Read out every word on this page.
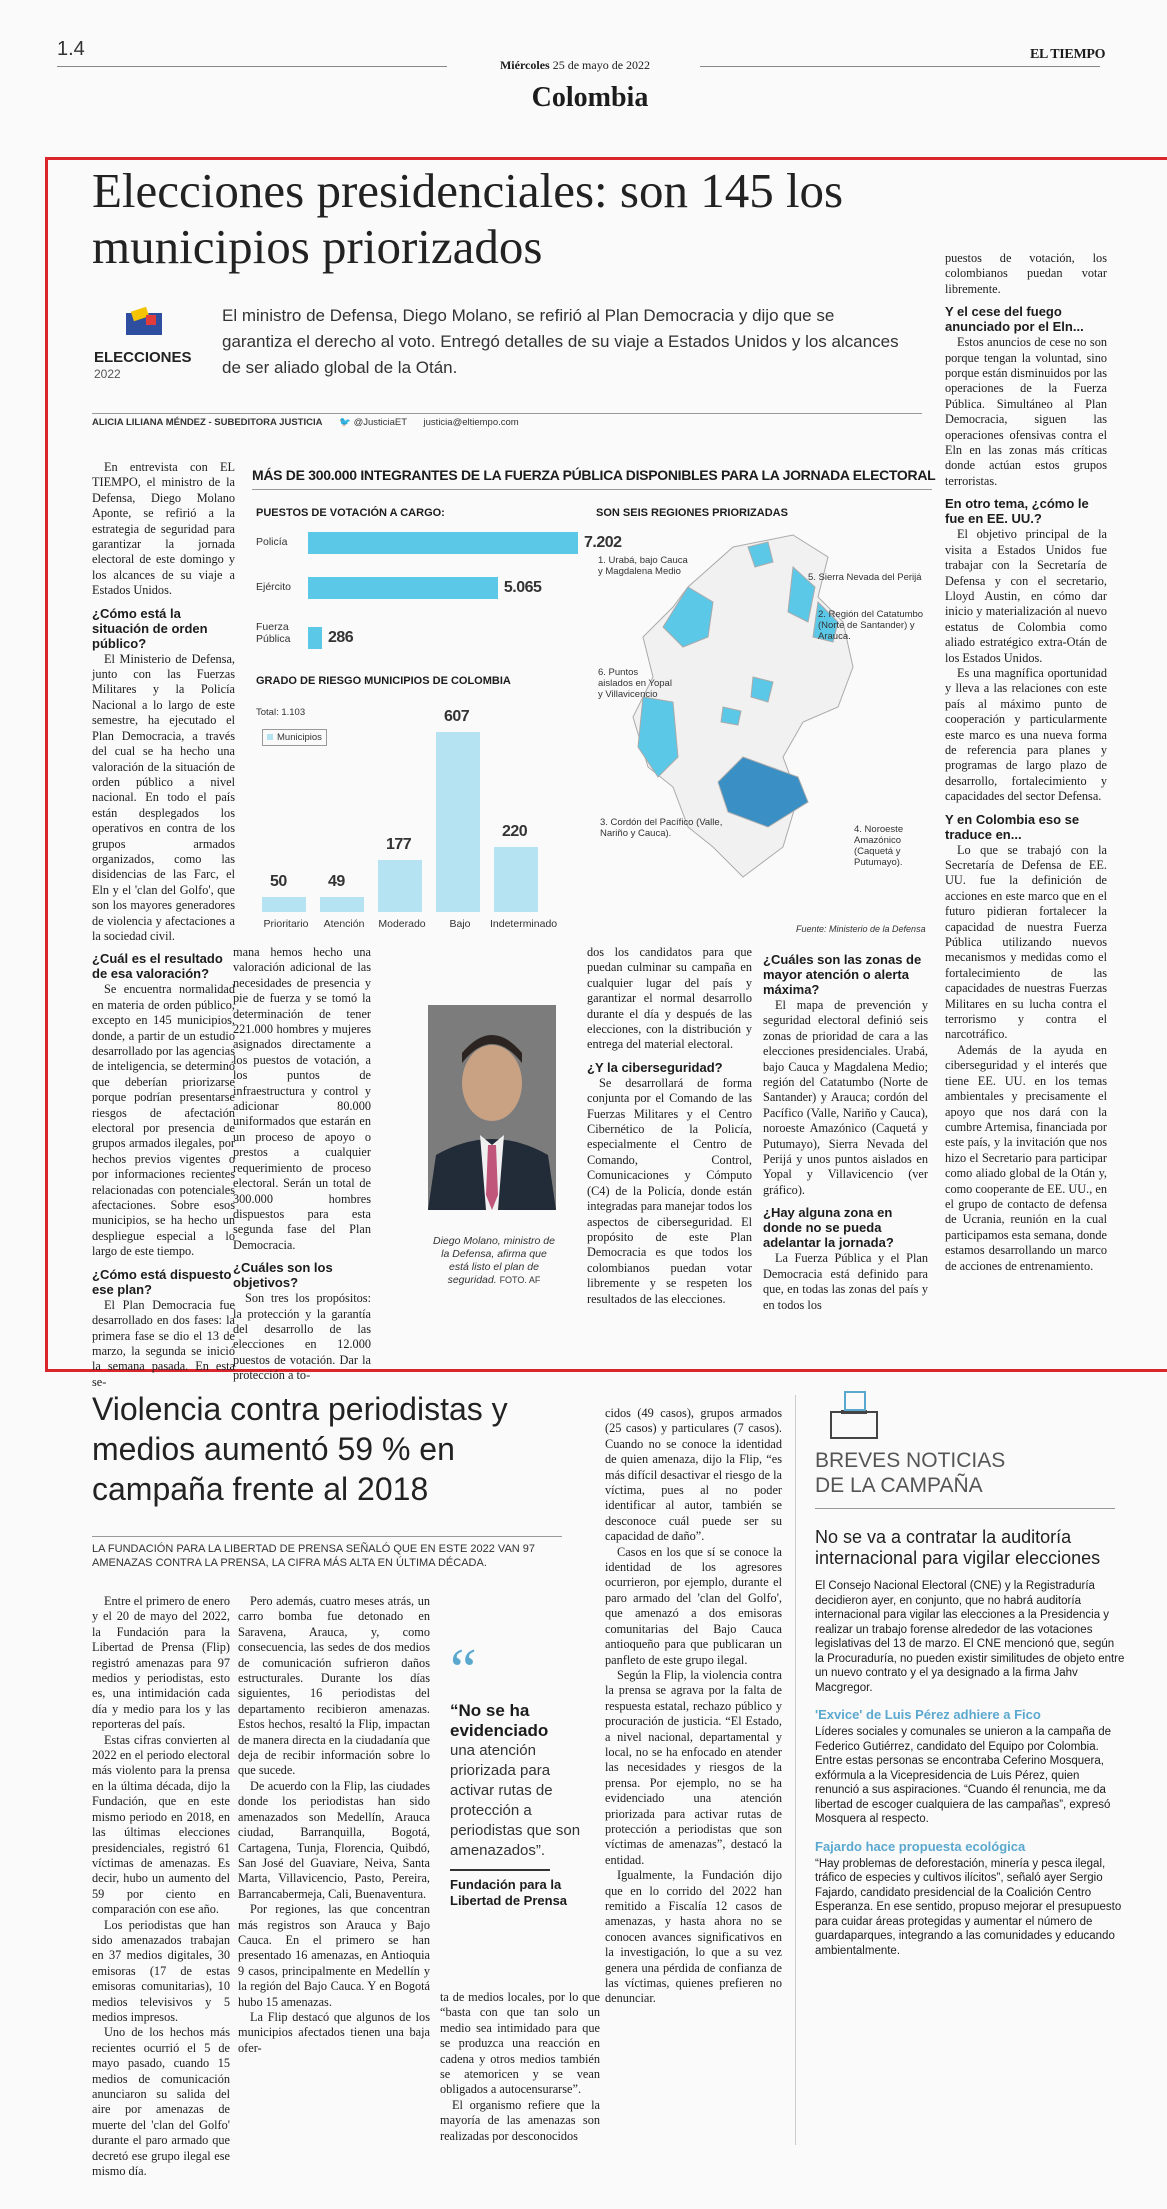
1.4
Miércoles 25 de mayo de 2022
EL TIEMPO
Colombia
Elecciones presidenciales: son 145 los municipios priorizados
ELECCIONES
2022
El ministro de Defensa, Diego Molano, se refirió al Plan Democracia y dijo que se garantiza el derecho al voto. Entregó detalles de su viaje a Estados Unidos y los alcances de ser aliado global de la Otán.
ALICIA LILIANA MÉNDEZ - SUBEDITORA JUSTICIA 🐦 @JusticiaET justicia@eltiempo.com

En entrevista con EL TIEMPO, el ministro de la Defensa, Diego Molano Aponte, se refirió a la estrategia de seguridad para garantizar la jornada electoral de este domingo y los alcances de su viaje a Estados Unidos.

¿Cómo está la situación de orden público?

El Ministerio de Defensa, junto con las Fuerzas Militares y la Policía Nacional a lo largo de este semestre, ha ejecutado el Plan Democracia, a través del cual se ha hecho una valoración de la situación de orden público a nivel nacional. En todo el país están desplegados los operativos en contra de los grupos armados organizados, como las disidencias de las Farc, el Eln y el 'clan del Golfo', que son los mayores generadores de violencia y afectaciones a la sociedad civil.

¿Cuál es el resultado de esa valoración?

Se encuentra normalidad en materia de orden público, excepto en 145 municipios, donde, a partir de un estudio desarrollado por las agencias de inteligencia, se determinó que deberían priorizarse porque podrían presentarse riesgos de afectación electoral por presencia de grupos armados ilegales, por hechos previos vigentes o por informaciones recientes relacionadas con potenciales afectaciones. Sobre esos municipios, se ha hecho un despliegue especial a lo largo de este tiempo.

¿Cómo está dispuesto ese plan?

El Plan Democracia fue desarrollado en dos fases: la primera fase se dio el 13 de marzo, la segunda se inició la semana pasada. En esta se-

mana hemos hecho una valoración adicional de las necesidades de presencia y pie de fuerza y se tomó la determinación de tener 221.000 hombres y mujeres asignados directamente a los puestos de votación, a los puntos de infraestructura y control y adicionar 80.000 uniformados que estarán en un proceso de apoyo o prestos a cualquier requerimiento de proceso electoral. Serán un total de 300.000 hombres dispuestos para esta segunda fase del Plan Democracia.

¿Cuáles son los objetivos?

Son tres los propósitos: la protección y la garantía del desarrollo de las elecciones en 12.000 puestos de votación. Dar la protección a to-

dos los candidatos para que puedan culminar su campaña en cualquier lugar del país y garantizar el normal desarrollo durante el día y después de las elecciones, con la distribución y entrega del material electoral.

¿Y la ciberseguridad?

Se desarrollará de forma conjunta por el Comando de las Fuerzas Militares y el Centro Cibernético de la Policía, especialmente el Centro de Comando, Control, Comunicaciones y Cómputo (C4) de la Policía, donde están integradas para manejar todos los aspectos de ciberseguridad. El propósito de este Plan Democracia es que todos los colombianos puedan votar libremente y se respeten los resultados de las elecciones.

¿Cuáles son las zonas de mayor atención o alerta máxima?

El mapa de prevención y seguridad electoral definió seis zonas de prioridad de cara a las elecciones presidenciales. Urabá, bajo Cauca y Magdalena Medio; región del Catatumbo (Norte de Santander) y Arauca; cordón del Pacífico (Valle, Nariño y Cauca), noroeste Amazónico (Caquetá y Putumayo), Sierra Nevada del Perijá y unos puntos aislados en Yopal y Villavicencio (ver gráfico).

¿Hay alguna zona en donde no se pueda adelantar la jornada?

La Fuerza Pública y el Plan Democracia está definido para que, en todas las zonas del país y en todos los

puestos de votación, los colombianos puedan votar libremente.

Y el cese del fuego anunciado por el Eln...

Estos anuncios de cese no son porque tengan la voluntad, sino porque están disminuidos por las operaciones de la Fuerza Pública. Simultáneo al Plan Democracia, siguen las operaciones ofensivas contra el Eln en las zonas más críticas donde actúan estos grupos terroristas.

En otro tema, ¿cómo le fue en EE. UU.?

El objetivo principal de la visita a Estados Unidos fue trabajar con la Secretaría de Defensa y con el secretario, Lloyd Austin, en cómo dar inicio y materialización al nuevo estatus de Colombia como aliado estratégico extra-Otán de los Estados Unidos.

Es una magnífica oportunidad y lleva a las relaciones con este país al máximo punto de cooperación y particularmente este marco es una nueva forma de referencia para planes y programas de largo plazo de desarrollo, fortalecimiento y capacidades del sector Defensa.

Y en Colombia eso se traduce en...

Lo que se trabajó con la Secretaría de Defensa de EE. UU. fue la definición de acciones en este marco que en el futuro pidieran fortalecer la capacidad de nuestra Fuerza Pública utilizando nuevos mecanismos y medidas como el fortalecimiento de las capacidades de nuestras Fuerzas Militares en su lucha contra el terrorismo y contra el narcotráfico.

Además de la ayuda en ciberseguridad y el interés que tiene EE. UU. en los temas ambientales y precisamente el apoyo que nos dará con la cumbre Artemisa, financiada por este país, y la invitación que nos hizo el Secretario para participar como aliado global de la Otán y, como cooperante de EE. UU., en el grupo de contacto de defensa de Ucrania, reunión en la cual participamos esta semana, donde estamos desarrollando un marco de acciones de entrenamiento.

Diego Molano, ministro de la Defensa, afirma que está listo el plan de seguridad. FOTO. AF
MÁS DE 300.000 INTEGRANTES DE LA FUERZA PÚBLICA DISPONIBLES PARA LA JORNADA ELECTORAL
PUESTOS DE VOTACIÓN A CARGO:
Policía	7.202
Ejército	5.065
Fuerza Pública	286
GRADO DE RIESGO MUNICIPIOS DE COLOMBIA
Total: 1.103
Municipios
50
Prioritario
49
Atención
177
Moderado
607
Bajo
220
Indeterminado
SON SEIS REGIONES PRIORIZADAS
1. Urabá, bajo Cauca y Magdalena Medio
5. Sierra Nevada del Perijá
2. Región del Catatumbo (Norte de Santander) y Arauca.
6. Puntos aislados en Yopal y Villavicencio
3. Cordón del Pacífico (Valle, Nariño y Cauca).	4. Noroeste Amazónico (Caquetá y Putumayo).
Fuente: Ministerio de la Defensa
Violencia contra periodistas y medios aumentó 59 % en campaña frente al 2018
LA FUNDACIÓN PARA LA LIBERTAD DE PRENSA SEÑALÓ QUE EN ESTE 2022 VAN 97 AMENAZAS CONTRA LA PRENSA, LA CIFRA MÁS ALTA EN ÚLTIMA DÉCADA.

Entre el primero de enero y el 20 de mayo del 2022, la Fundación para la Libertad de Prensa (Flip) registró amenazas para 97 medios y periodistas, esto es, una intimidación cada día y medio para los y las reporteras del país.

Estas cifras convierten al 2022 en el periodo electoral más violento para la prensa en la última década, dijo la Fundación, que en este mismo periodo en 2018, en las últimas elecciones presidenciales, registró 61 víctimas de amenazas. Es decir, hubo un aumento del 59 por ciento en comparación con ese año.

Los periodistas que han sido amenazados trabajan en 37 medios digitales, 30 emisoras (17 de estas emisoras comunitarias), 10 medios televisivos y 5 medios impresos.

Uno de los hechos más recientes ocurrió el 5 de mayo pasado, cuando 15 medios de comunicación anunciaron su salida del aire por amenazas de muerte del 'clan del Golfo' durante el paro armado que decretó ese grupo ilegal ese mismo día.

Pero además, cuatro meses atrás, un carro bomba fue detonado en Saravena, Arauca, y, como consecuencia, las sedes de dos medios de comunicación sufrieron daños estructurales. Durante los días siguientes, 16 periodistas del departamento recibieron amenazas. Estos hechos, resaltó la Flip, impactan de manera directa en la ciudadanía que deja de recibir información sobre lo que sucede.

De acuerdo con la Flip, las ciudades donde los periodistas han sido amenazados son Medellín, Arauca ciudad, Barranquilla, Bogotá, Cartagena, Tunja, Florencia, Quibdó, San José del Guaviare, Neiva, Santa Marta, Villavicencio, Pasto, Pereira, Barrancabermeja, Cali, Buenaventura.

Por regiones, las que concentran más registros son Arauca y Bajo Cauca. En el primero se han presentado 16 amenazas, en Antioquia 9 casos, principalmente en Medellín y la región del Bajo Cauca. Y en Bogotá hubo 15 amenazas.

La Flip destacó que algunos de los municipios afectados tienen una baja ofer-

“
“No se ha evidenciado
una atención priorizada para activar rutas de protección a periodistas que son amenazados”.
Fundación para la Libertad de Prensa

ta de medios locales, por lo que “basta con que tan solo un medio sea intimidado para que se produzca una reacción en cadena y otros medios también se atemoricen y se vean obligados a autocensurarse”.

El organismo refiere que la mayoría de las amenazas son realizadas por desconocidos

cidos (49 casos), grupos armados (25 casos) y particulares (7 casos). Cuando no se conoce la identidad de quien amenaza, dijo la Flip, “es más difícil desactivar el riesgo de la víctima, pues al no poder identificar al autor, también se desconoce cuál puede ser su capacidad de daño”.

Casos en los que sí se conoce la identidad de los agresores ocurrieron, por ejemplo, durante el paro armado del 'clan del Golfo', que amenazó a dos emisoras comunitarias del Bajo Cauca antioqueño para que publicaran un panfleto de este grupo ilegal.

Según la Flip, la violencia contra la prensa se agrava por la falta de respuesta estatal, rechazo público y procuración de justicia. “El Estado, a nivel nacional, departamental y local, no se ha enfocado en atender las necesidades y riesgos de la prensa. Por ejemplo, no se ha evidenciado una atención priorizada para activar rutas de protección a periodistas que son víctimas de amenazas”, destacó la entidad.

Igualmente, la Fundación dijo que en lo corrido del 2022 han remitido a Fiscalía 12 casos de amenazas, y hasta ahora no se conocen avances significativos en la investigación, lo que a su vez genera una pérdida de confianza de las víctimas, quienes prefieren no denunciar.

BREVES NOTICIAS
DE LA CAMPAÑA
No se va a contratar la auditoría internacional para vigilar elecciones

El Consejo Nacional Electoral (CNE) y la Registraduría decidieron ayer, en conjunto, que no habrá auditoría internacional para vigilar las elecciones a la Presidencia y realizar un trabajo forense alrededor de las votaciones legislativas del 13 de marzo. El CNE mencionó que, según la Procuraduría, no pueden existir similitudes de objeto entre un nuevo contrato y el ya designado a la firma Jahv Macgregor.

'Exvice' de Luis Pérez adhiere a Fico

Líderes sociales y comunales se unieron a la campaña de Federico Gutiérrez, candidato del Equipo por Colombia. Entre estas personas se encontraba Ceferino Mosquera, exfórmula a la Vicepresidencia de Luis Pérez, quien renunció a sus aspiraciones. “Cuando él renuncia, me da libertad de escoger cualquiera de las campañas”, expresó Mosquera al respecto.

Fajardo hace propuesta ecológica

“Hay problemas de deforestación, minería y pesca ilegal, tráfico de especies y cultivos ilícitos”, señaló ayer Sergio Fajardo, candidato presidencial de la Coalición Centro Esperanza. En ese sentido, propuso mejorar el presupuesto para cuidar áreas protegidas y aumentar el número de guardaparques, integrando a las comunidades y educando ambientalmente.
